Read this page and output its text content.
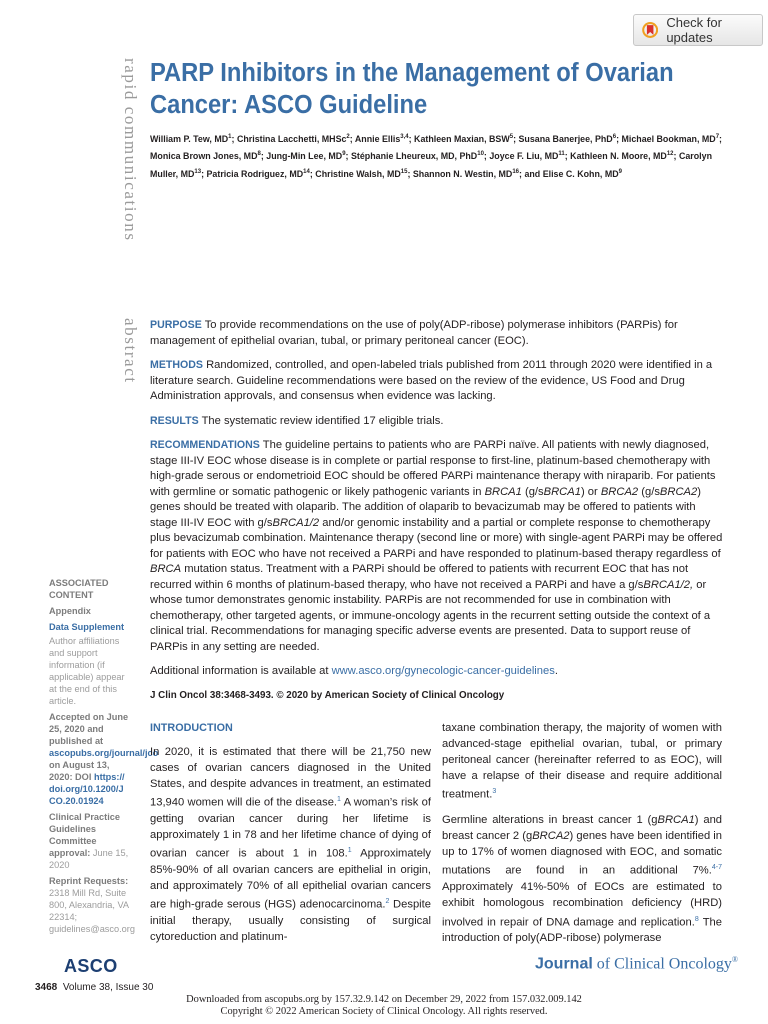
Check for updates
rapid communications
abstract
PARP Inhibitors in the Management of Ovarian Cancer: ASCO Guideline

William P. Tew, $MD^1$; Christina Lacchetti, MHSc$^2$; Annie Ellis$^{3,4}$; Kathleen Maxian, BSW$^5$; Susana Banerjee, PhD$^6$; Michael Bookman, $MD^7$; Monica Brown Jones, $MD^8$; Jung-Min Lee, $MD^9$; Stéphanie Lheureux, MD, PhD$^{10}$; Joyce F. Liu, MD$^{11}$; Kathleen N. Moore, MD$^{12}$; Carolyn Muller, MD$^{13}$; Patricia Rodriguez, MD$^{14}$; Christine Walsh, MD$^{15}$; Shannon N. Westin, MD$^{16}$; and Elise C. Kohn, $MD^9$

PURPOSE To provide recommendations on the use of poly(ADP-ribose) polymerase inhibitors (PARPis) for management of epithelial ovarian, tubal, or primary peritoneal cancer (EOC).

METHODS Randomized, controlled, and open-labeled trials published from 2011 through 2020 were identified in a literature search. Guideline recommendations were based on the review of the evidence, US Food and Drug Administration approvals, and consensus when evidence was lacking.

RESULTS The systematic review identified 17 eligible trials.

RECOMMENDATIONS The guideline pertains to patients who are PARPi naïve. All patients with newly diagnosed, stage III-IV EOC whose disease is in complete or partial response to first-line, platinum-based chemotherapy with high-grade serous or endometrioid EOC should be offered PARPi maintenance therapy with niraparib. For patients with germline or somatic pathogenic or likely pathogenic variants in BRCA1 (g/sBRCA1) or BRCA2 (g/sBRCA2) genes should be treated with olaparib. The addition of olaparib to bevacizumab may be offered to patients with stage III-IV EOC with g/sBRCA1/2 and/or genomic instability and a partial or complete response to chemotherapy plus bevacizumab combination. Maintenance therapy (second line or more) with single-agent PARPi may be offered for patients with EOC who have not received a PARPi and have responded to platinum-based therapy regardless of BRCA mutation status. Treatment with a PARPi should be offered to patients with recurrent EOC that has not recurred within 6 months of platinum-based therapy, who have not received a PARPi and have a g/sBRCA1/2, or whose tumor demonstrates genomic instability. PARPis are not recommended for use in combination with chemotherapy, other targeted agents, or immune-oncology agents in the recurrent setting outside the context of a clinical trial. Recommendations for managing specific adverse events are presented. Data to support reuse of PARPis in any setting are needed.

Additional information is available at www.asco.org/gynecologic-cancer-guidelines.

J Clin Oncol 38:3468-3493. © 2020 by American Society of Clinical Oncology

ASSOCIATED
CONTENT
Appendix
Data Supplement
Author affiliations and support information (if applicable) appear at the end of this article.
Accepted on June 25, 2020 and published at ascopubs.org/journal/jco on August 13, 2020: DOI https://doi.org/10.1200/JCO.20.01924
Clinical Practice Guidelines Committee approval: June 15, 2020
Reprint Requests:
2318 Mill Rd, Suite 800, Alexandria, VA 22314; guidelines@asco.org
INTRODUCTION

In 2020, it is estimated that there will be 21,750 new cases of ovarian cancers diagnosed in the United States, and despite advances in treatment, an estimated 13,940 women will die of the disease.$^1$ A woman’s risk of getting ovarian cancer during her lifetime is approximately 1 in 78 and her lifetime chance of dying of ovarian cancer is about 1 in 108.$^1$ Approximately 85%-90% of all ovarian cancers are epithelial in origin, and approximately 70% of all epithelial ovarian cancers are high-grade serous (HGS) adenocarcinoma.$^2$ Despite initial therapy, usually consisting of surgical cytoreduction and platinum-

taxane combination therapy, the majority of women with advanced-stage epithelial ovarian, tubal, or primary peritoneal cancer (hereinafter referred to as EOC), will have a relapse of their disease and require additional treatment.$^3$

Germline alterations in breast cancer 1 (gBRCA1) and breast cancer 2 (gBRCA2) genes have been identified in up to 17% of women diagnosed with EOC, and somatic mutations are found in an additional 7%.$^{4-7}$ Approximately 41%-50% of EOCs are estimated to exhibit homologous recombination deficiency (HRD) involved in repair of DNA damage and replication.$^8$ The introduction of poly(ADP-ribose) polymerase

ASCO	Journal of Clinical Oncology®
3468 Volume 38, Issue 30
Downloaded from ascopubs.org by 157.32.9.142 on December 29, 2022 from 157.032.009.142
Copyright © 2022 American Society of Clinical Oncology. All rights reserved.
